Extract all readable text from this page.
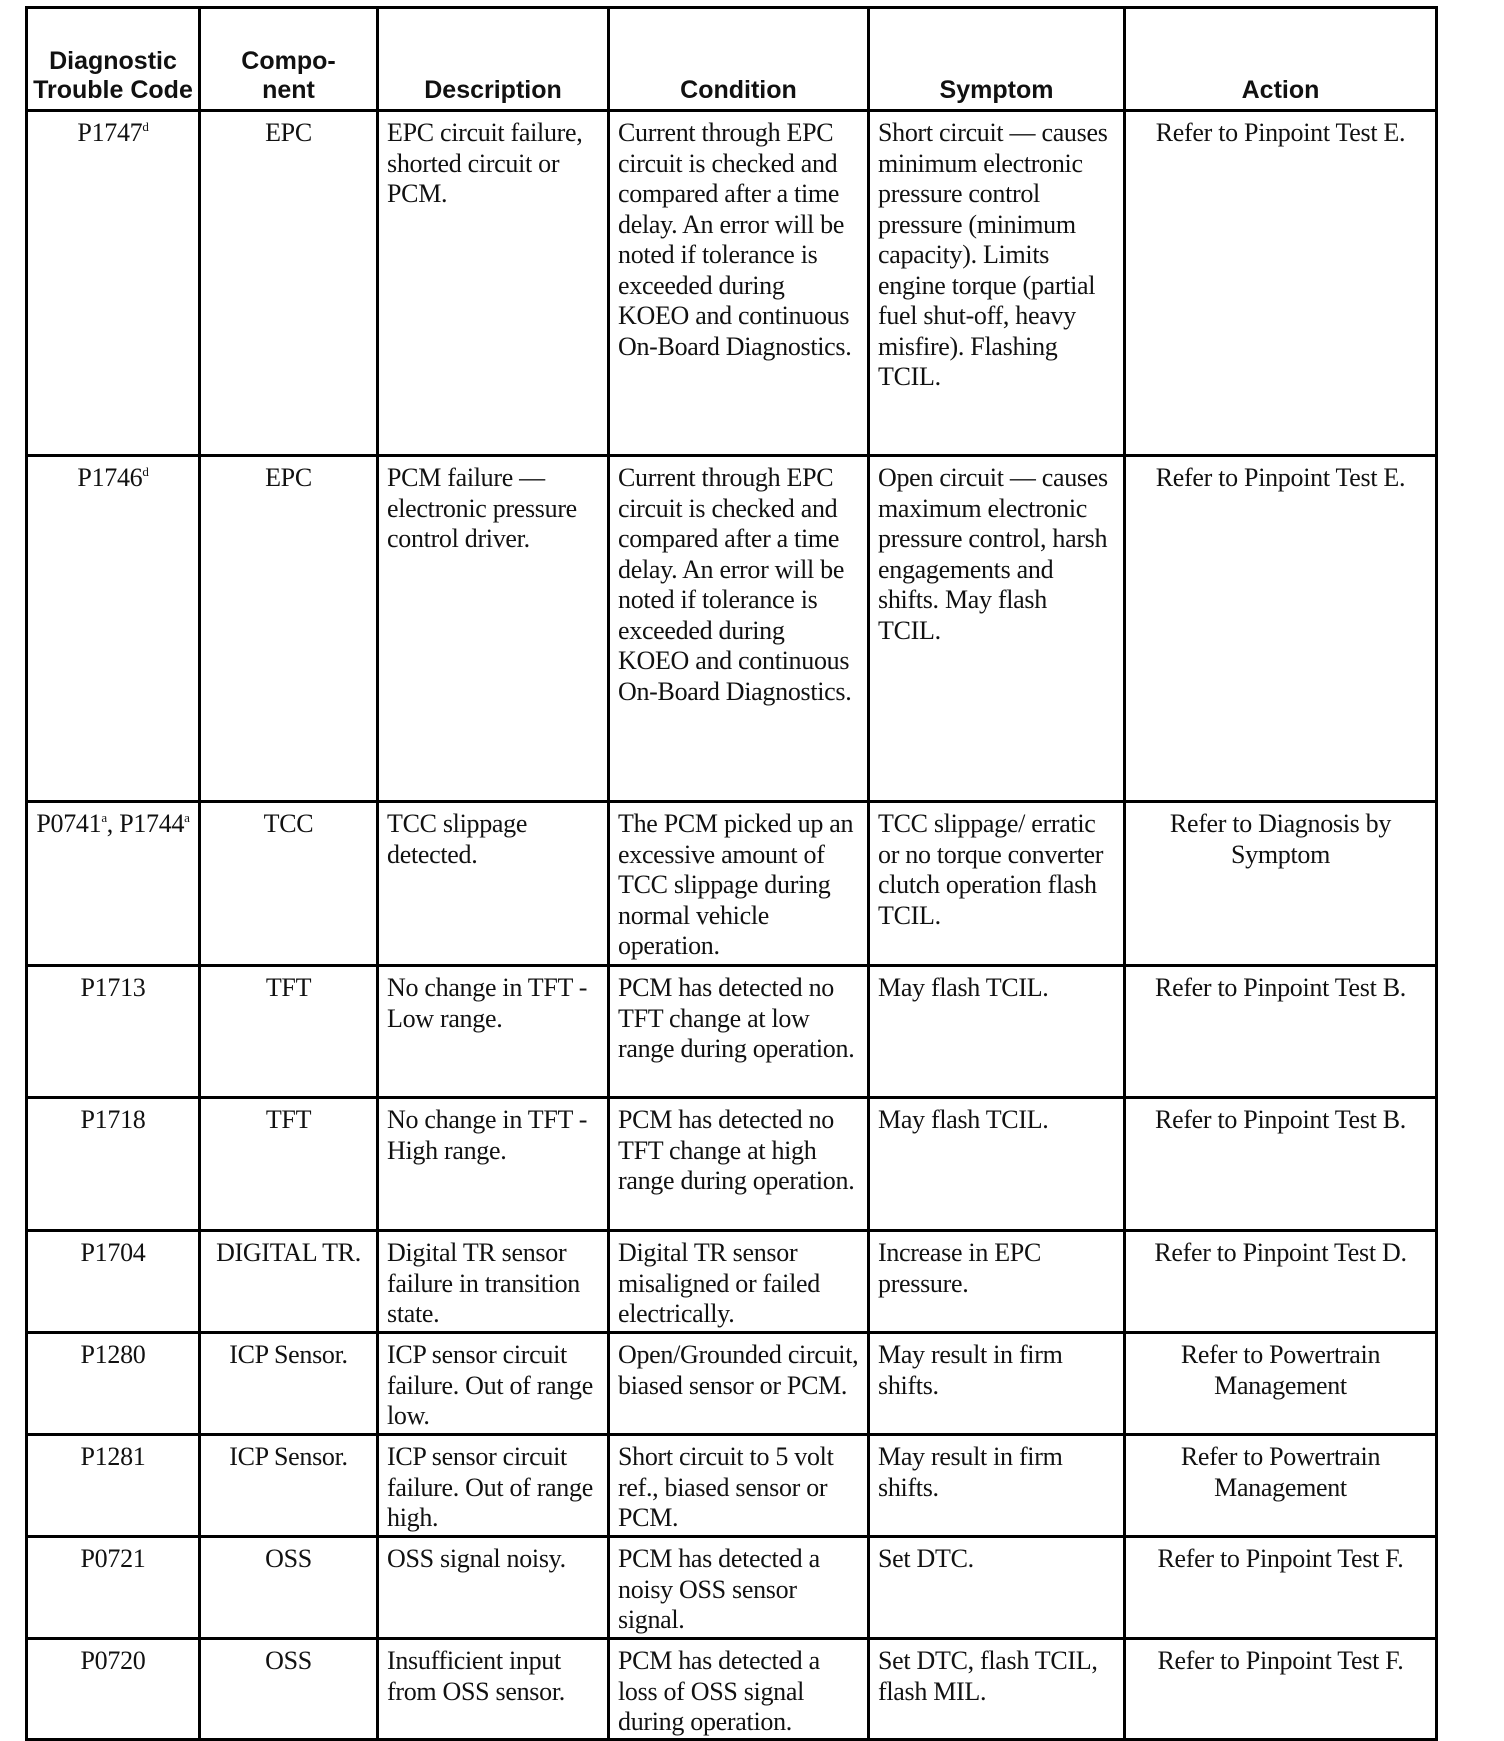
Diagnostic Trouble Code	Compo- nent	Description	Condition	Symptom	Action
P1747$^d$	EPC	EPC circuit failure, shorted circuit or PCM.	Current through EPC circuit is checked and compared after a time delay. An error will be noted if tolerance is exceeded during KOEO and continuous On-Board Diagnostics.	Short circuit — causes minimum electronic pressure control pressure (minimum capacity). Limits engine torque (partial fuel shut-off, heavy misfire). Flashing TCIL.	Refer to Pinpoint Test E.
P1746$^d$	EPC	PCM failure — electronic pressure control driver.	Current through EPC circuit is checked and compared after a time delay. An error will be noted if tolerance is exceeded during KOEO and continuous On-Board Diagnostics.	Open circuit — causes maximum electronic pressure control, harsh engagements and shifts. May flash TCIL.	Refer to Pinpoint Test E.
P0741$^a$, P1744$^a$	TCC	TCC slippage detected.	The PCM picked up an excessive amount of TCC slippage during normal vehicle operation.	TCC slippage/ erratic or no torque converter clutch operation flash TCIL.	Refer to Diagnosis by Symptom
P1713	TFT	No change in TFT - Low range.	PCM has detected no TFT change at low range during operation.	May flash TCIL.	Refer to Pinpoint Test B.
P1718	TFT	No change in TFT - High range.	PCM has detected no TFT change at high range during operation.	May flash TCIL.	Refer to Pinpoint Test B.
P1704	DIGITAL TR.	Digital TR sensor failure in transition state.	Digital TR sensor misaligned or failed electrically.	Increase in EPC pressure.	Refer to Pinpoint Test D.
P1280	ICP Sensor.	ICP sensor circuit failure. Out of range low.	Open/Grounded circuit, biased sensor or PCM.	May result in firm shifts.	Refer to Powertrain Management
P1281	ICP Sensor.	ICP sensor circuit failure. Out of range high.	Short circuit to 5 volt ref., biased sensor or PCM.	May result in firm shifts.	Refer to Powertrain Management
P0721	OSS	OSS signal noisy.	PCM has detected a noisy OSS sensor signal.	Set DTC.	Refer to Pinpoint Test F.
P0720	OSS	Insufficient input from OSS sensor.	PCM has detected a loss of OSS signal during operation.	Set DTC, flash TCIL, flash MIL.	Refer to Pinpoint Test F.
